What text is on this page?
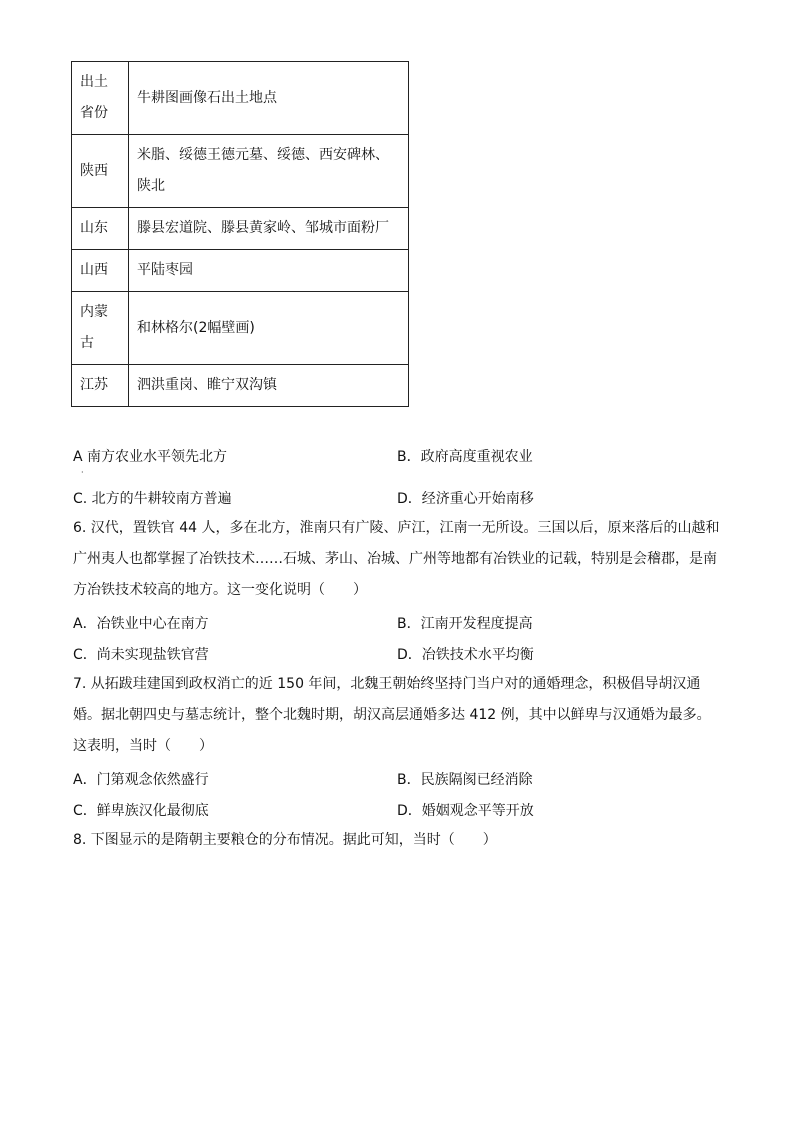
出土省份	牛耕图画像石出土地点
陕西	米脂、绥德王德元墓、绥德、西安碑林、陕北
山东	滕县宏道院、滕县黄家岭、邹城市面粉厂
山西	平陆枣园
内蒙古	和林格尔(2幅壁画)
江苏	泗洪重岗、睢宁双沟镇
A 南方农业水平领先北方
·
B．政府高度重视农业
C. 北方的牛耕较南方普遍	D．经济重心开始南移
6. 汉代，置铁官 44 人，多在北方，淮南只有广陵、庐江，江南一无所设。三国以后，原来落后的山越和广州夷人也都掌握了冶铁技术……石城、茅山、冶城、广州等地都有冶铁业的记载，特别是会稽郡，是南方冶铁技术较高的地方。这一变化说明（　　）
A．冶铁业中心在南方	B．江南开发程度提高
C．尚未实现盐铁官营	D．冶铁技术水平均衡
7. 从拓跋珪建国到政权消亡的近 150 年间，北魏王朝始终坚持门当户对的通婚理念，积极倡导胡汉通婚。据北朝四史与墓志统计，整个北魏时期，胡汉高层通婚多达 412 例，其中以鲜卑与汉通婚为最多。这表明，当时（　　）
A．门第观念依然盛行	B．民族隔阂已经消除
C．鲜卑族汉化最彻底	D．婚姻观念平等开放
8. 下图显示的是隋朝主要粮仓的分布情况。据此可知，当时（　　）
